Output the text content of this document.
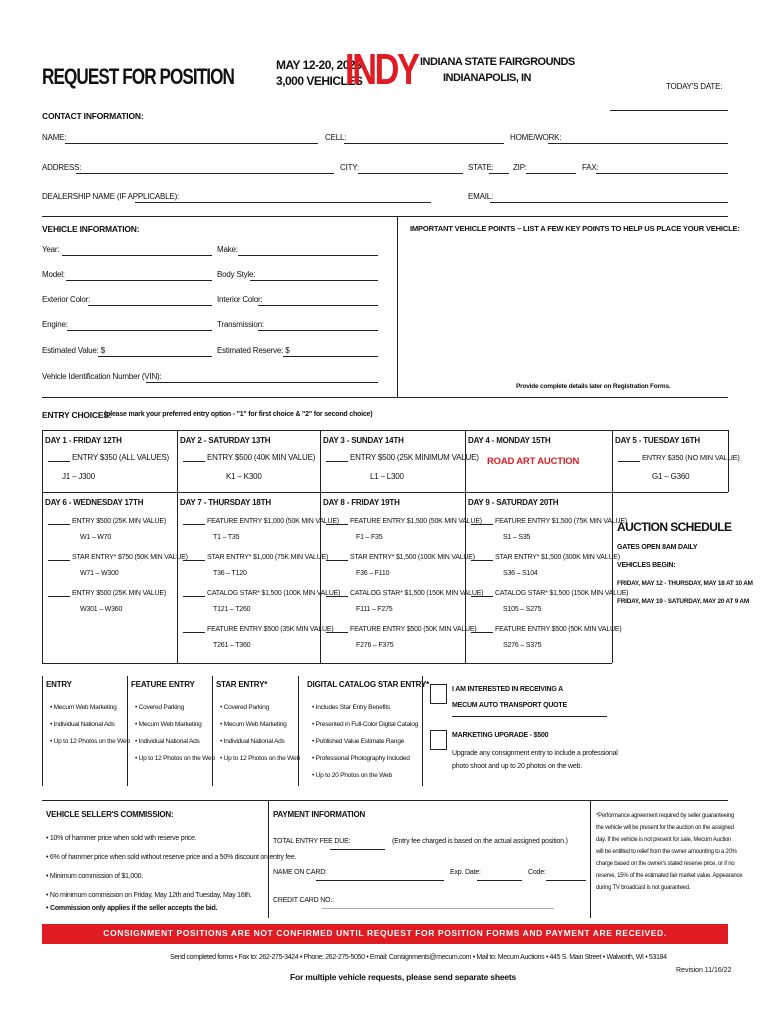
REQUEST FOR POSITION	MAY 12-20, 2023
3,000 VEHICLES
INDY INDIANA STATE FAIRGROUNDS
INDIANAPOLIS, IN
TODAY'S DATE:
CONTACT INFORMATION:
NAME:	CELL:	HOME/WORK:
ADDRESS:	CITY:	STATE: ZIP:	FAX:
DEALERSHIP NAME (IF APPLICABLE):	EMAIL:
VEHICLE INFORMATION:	IMPORTANT VEHICLE POINTS – LIST A FEW KEY POINTS TO HELP US PLACE YOUR VEHICLE:
Provide complete details later on Registration Forms.
Year:	Make:
Model:	Body Style:
Exterior Color:	Interior Color:
Engine:	Transmission:
Estimated Value: $	Estimated Reserve: $
Vehicle Identification Number (VIN):
ENTRY CHOICES:
(please mark your preferred entry option - "1" for first choice & "2" for second choice)
DAY 1 - FRIDAY 12TH
ENTRY $350 (ALL VALUES)
J1 – J300
DAY 2 - SATURDAY 13TH
ENTRY $500 (40K MIN VALUE)
K1 – K300
DAY 3 - SUNDAY 14TH
ENTRY $500 (25K MINIMUM VALUE)
L1 – L300
DAY 4 - MONDAY 15TH
ROAD ART AUCTION
DAY 5 - TUESDAY 16TH
ENTRY $350 (NO MIN VALUE)
G1 – G360
DAY 6 - WEDNESDAY 17TH
ENTRY $500 (25K MIN VALUE)
W1 – W70
STAR ENTRY* $750 (50K MIN VALUE)
W71 – W300
ENTRY $500 (25K MIN VALUE)
W301 – W360
DAY 7 - THURSDAY 18TH
FEATURE ENTRY $1,000 (50K MIN VALUE)
T1 – T35
STAR ENTRY* $1,000 (75K MIN VALUE)
T36 – T120
CATALOG STAR* $1,500 (100K MIN VALUE)
T121 – T260
FEATURE ENTRY $500 (35K MIN VALUE)
T261 – T360
DAY 8 - FRIDAY 19TH
FEATURE ENTRY $1,500 (50K MIN VALUE)
F1 – F35
STAR ENTRY* $1,500 (100K MIN VALUE)
F36 – F110
CATALOG STAR* $1,500 (150K MIN VALUE)
F111 – F275
FEATURE ENTRY $500 (50K MIN VALUE)
F276 – F375
DAY 9 - SATURDAY 20TH
FEATURE ENTRY $1,500 (75K MIN VALUE)
S1 – S35
STAR ENTRY* $1,500 (300K MIN VALUE)
S36 – S104
CATALOG STAR* $1,500 (150K MIN VALUE)
S105 – S275
FEATURE ENTRY $500 (50K MIN VALUE)
S276 – S375
AUCTION SCHEDULE
GATES OPEN 8AM DAILY
VEHICLES BEGIN:
FRIDAY, MAY 12 - THURSDAY, MAY 18 AT 10 AM
FRIDAY, MAY 19 - SATURDAY, MAY 20 AT 9 AM
ENTRY
• Mecum Web Marketing
• Individual National Ads
• Up to 12 Photos on the Web
FEATURE ENTRY
• Covered Parking
• Mecum Web Marketing
• Individual National Ads
• Up to 12 Photos on the Web
STAR ENTRY*
• Covered Parking
• Mecum Web Marketing
• Individual National Ads
• Up to 12 Photos on the Web
DIGITAL CATALOG STAR ENTRY*
• Includes Star Entry Benefits
• Presented in Full-Color Digital Catalog
• Published Value Estimate Range
• Professional Photography Included
• Up to 20 Photos on the Web
I AM INTERESTED IN RECEIVING A
MECUM AUTO TRANSPORT QUOTE
MARKETING UPGRADE - $500
Upgrade any consignment entry to include a professional
photo shoot and up to 20 photos on the web.
VEHICLE SELLER'S COMMISSION:
• 10% of hammer price when sold with reserve price.
• 6% of hammer price when sold without reserve price and a 50% discount on entry fee.
• Minimum commission of $1,000.
• No minimum commission on Friday, May 12th and Tuesday, May 16th.
• Commission only applies if the seller accepts the bid.
PAYMENT INFORMATION
TOTAL ENTRY FEE DUE:	(Entry fee charged is based on the actual assigned position.)
NAME ON CARD:	Exp. Date:	Code:
CREDIT CARD NO.:
*Performance agreement required by seller guaranteeing
the vehicle will be present for the auction on the assigned
day. If the vehicle is not present for sale, Mecum Auction
will be entitled to relief from the owner amounting to a 20%
charge based on the owner's stated reserve price, or if no
reserve, 15% of the estimated fair market value. Appearance
during TV broadcast is not guaranteed.
CONSIGNMENT POSITIONS ARE NOT CONFIRMED UNTIL REQUEST FOR POSITION FORMS AND PAYMENT ARE RECEIVED.
Send completed forms • Fax to: 262-275-3424 • Phone: 262-275-5050 • Email: Consignments@mecum.com • Mail to: Mecum Auctions • 445 S. Main Street • Walworth, WI • 53184
For multiple vehicle requests, please send separate sheets
Revision 11/16/22
